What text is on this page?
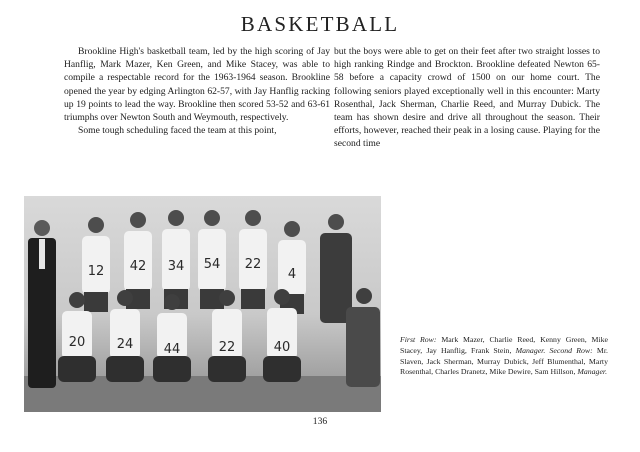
BASKETBALL

Brookline High's basketball team, led by the high scoring of Jay Hanflig, Mark Mazer, Ken Green, and Mike Stacey, was able to compile a respectable record for the 1963-1964 season. Brookline opened the year by edging Arlington 62-57, with Jay Hanflig racking up 19 points to lead the way. Brookline then scored 53-52 and 63-61 triumphs over Newton South and Weymouth, respectively.

Some tough scheduling faced the team at this point,

but the boys were able to get on their feet after two straight losses to high ranking Rindge and Brockton. Brookline defeated Newton 65-58 before a capacity crowd of 1500 on our home court. The following seniors played exceptionally well in this encounter: Marty Rosenthal, Jack Sherman, Charlie Reed, and Murray Dubick. The team has shown desire and drive all throughout the season. Their efforts, however, reached their peak in a losing cause. Playing for the second time

12 42 34 54 22
4
20 24 44	22	40
First Row: Mark Mazer, Charlie Reed, Kenny Green, Mike Stacey, Jay Hanflig, Frank Stein, Manager. Second Row: Mr. Slaven, Jack Sherman, Murray Dubick, Jeff Blumenthal, Marty Rosenthal, Charles Dranetz, Mike Dewire, Sam Hillson, Manager.
136
